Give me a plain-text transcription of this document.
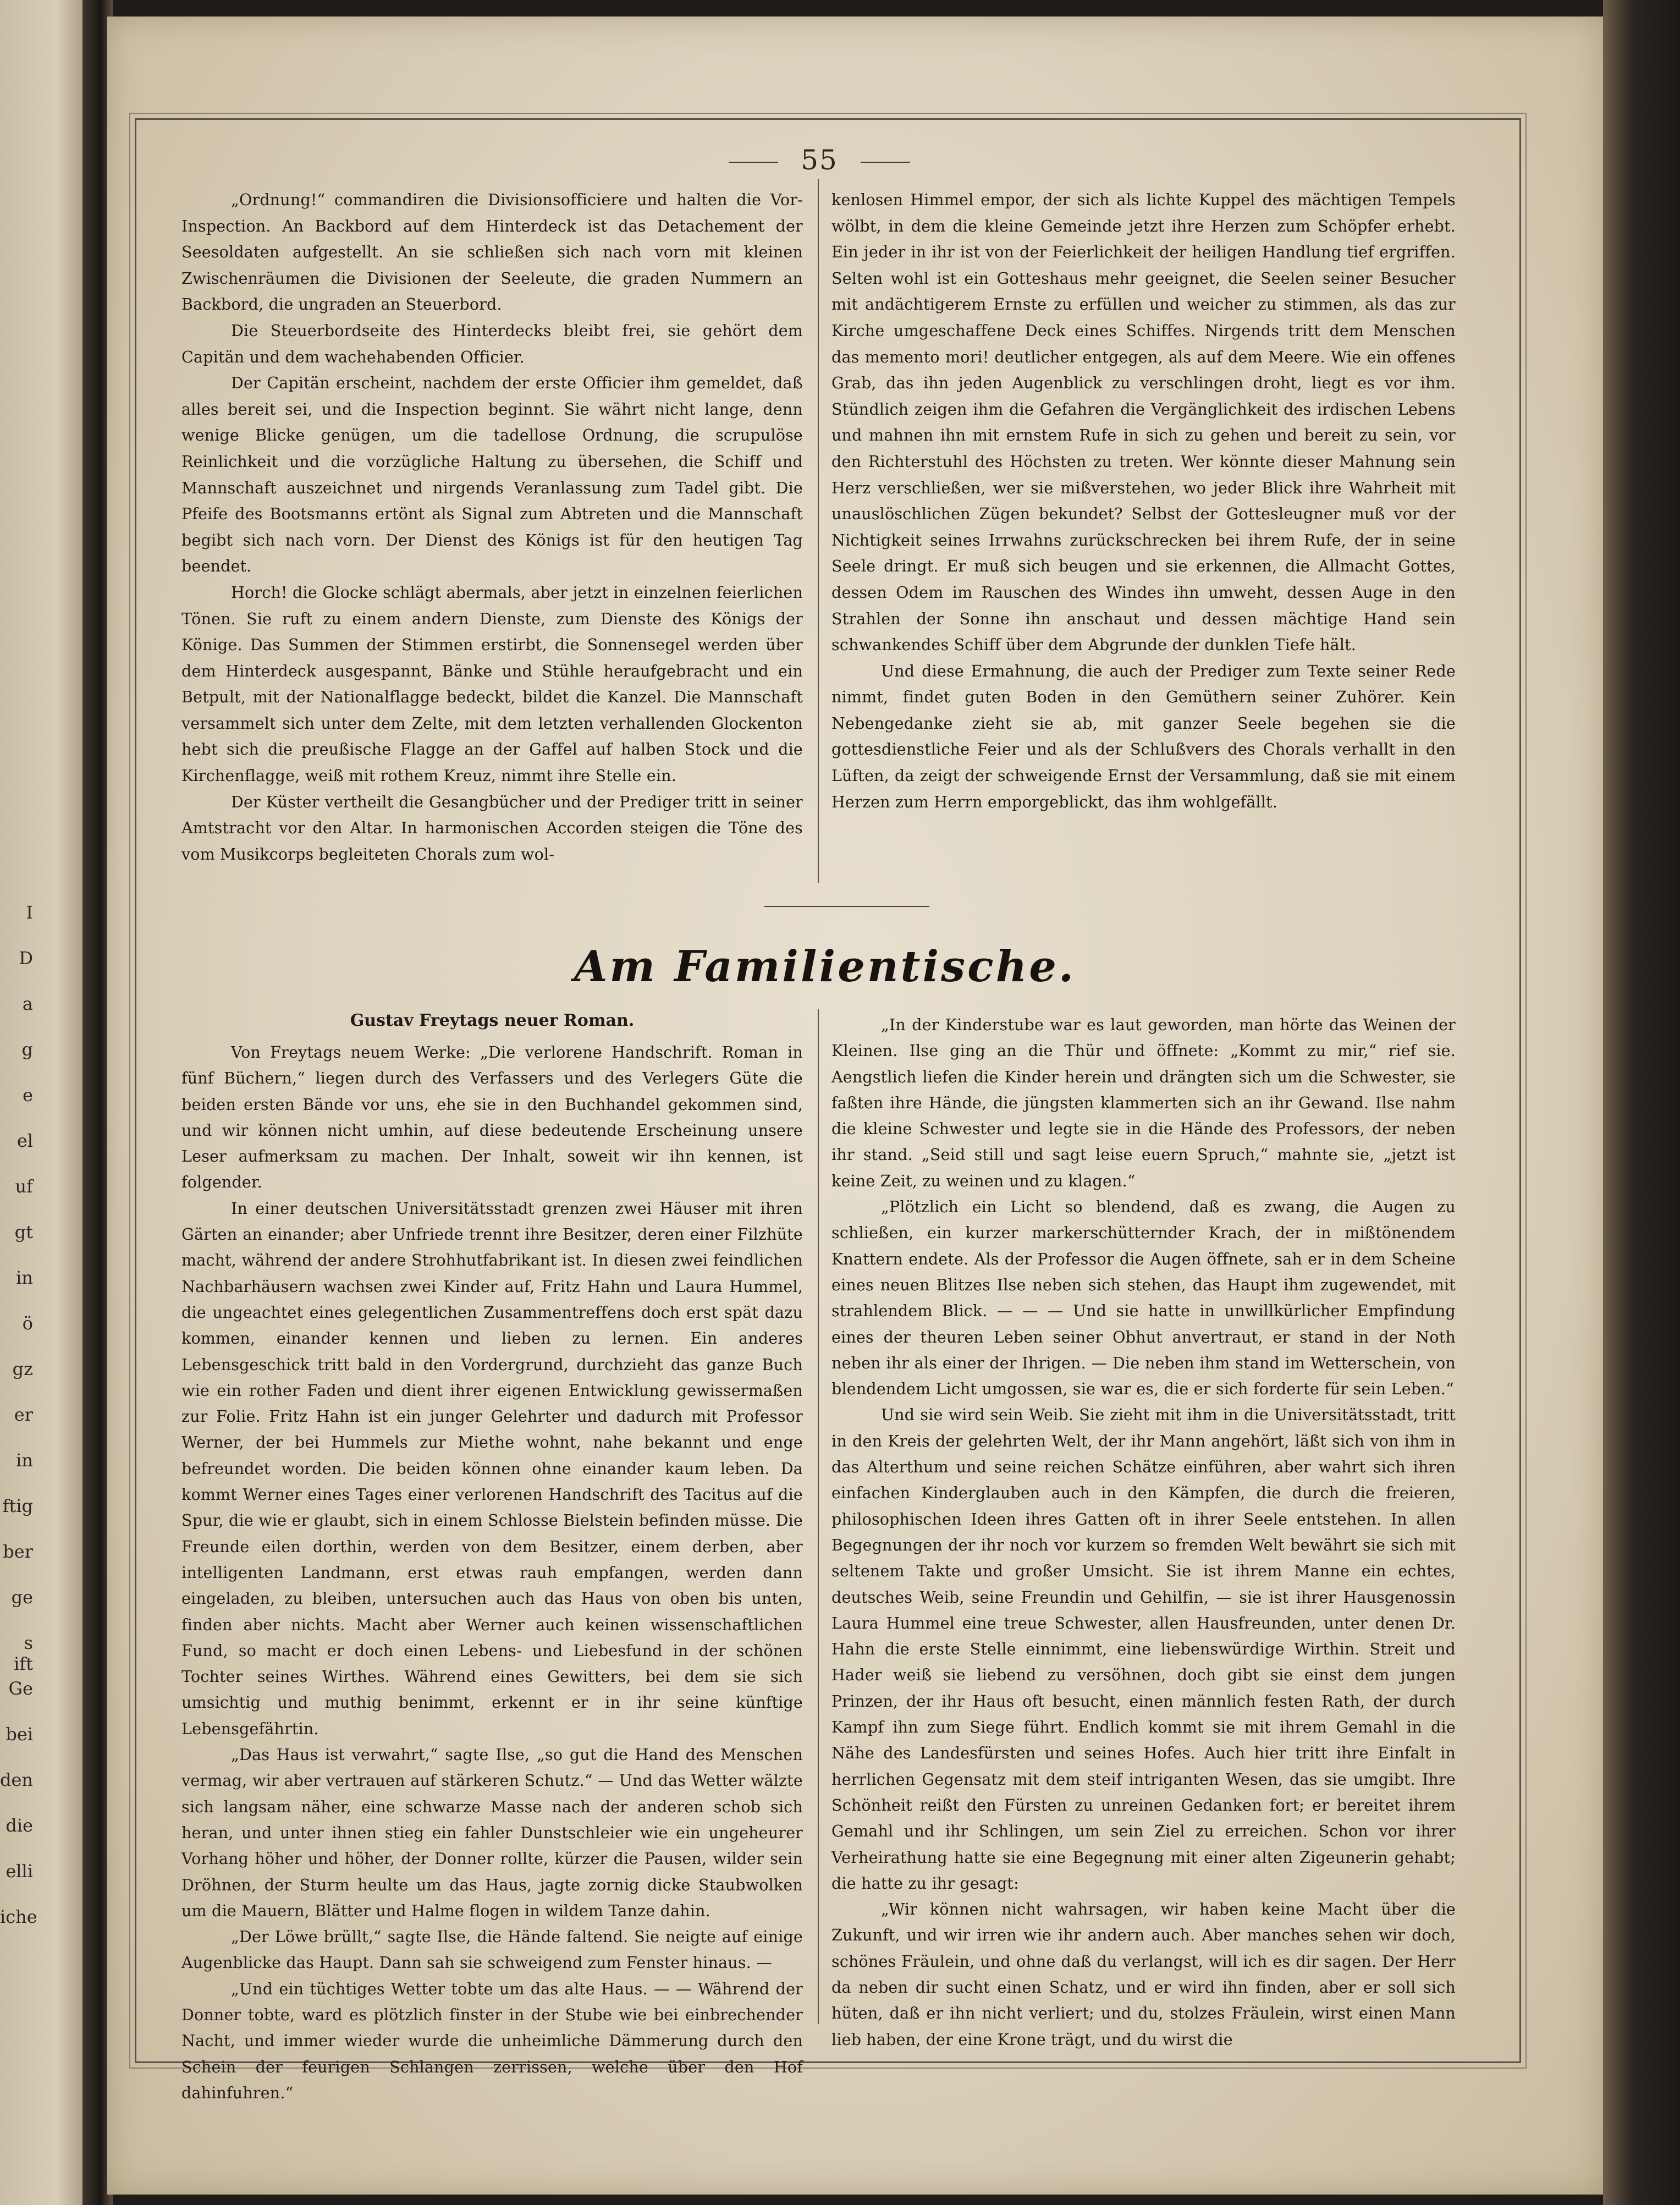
55

„Ordnung!“ commandiren die Divisionsofficiere und halten die Vor-Inspection. An Backbord auf dem Hinterdeck ist das Detachement der Seesoldaten aufgestellt. An sie schließen sich nach vorn mit kleinen Zwischenräumen die Divisionen der Seeleute, die graden Nummern an Backbord, die ungraden an Steuerbord.

Die Steuerbordseite des Hinterdecks bleibt frei, sie gehört dem Capitän und dem wachehabenden Officier.

Der Capitän erscheint, nachdem der erste Officier ihm gemeldet, daß alles bereit sei, und die Inspection beginnt. Sie währt nicht lange, denn wenige Blicke genügen, um die tadellose Ordnung, die scrupulöse Reinlichkeit und die vorzügliche Haltung zu übersehen, die Schiff und Mannschaft auszeichnet und nirgends Veranlassung zum Tadel gibt. Die Pfeife des Bootsmanns ertönt als Signal zum Abtreten und die Mannschaft begibt sich nach vorn. Der Dienst des Königs ist für den heutigen Tag beendet.

Horch! die Glocke schlägt abermals, aber jetzt in einzelnen feierlichen Tönen. Sie ruft zu einem andern Dienste, zum Dienste des Königs der Könige. Das Summen der Stimmen erstirbt, die Sonnensegel werden über dem Hinterdeck ausgespannt, Bänke und Stühle heraufgebracht und ein Betpult, mit der Nationalflagge bedeckt, bildet die Kanzel. Die Mannschaft versammelt sich unter dem Zelte, mit dem letzten verhallenden Glockenton hebt sich die preußische Flagge an der Gaffel auf halben Stock und die Kirchenflagge, weiß mit rothem Kreuz, nimmt ihre Stelle ein.

Der Küster vertheilt die Gesangbücher und der Prediger tritt in seiner Amtstracht vor den Altar. In harmonischen Accorden steigen die Töne des vom Musikcorps begleiteten Chorals zum wol-

kenlosen Himmel empor, der sich als lichte Kuppel des mächtigen Tempels wölbt, in dem die kleine Gemeinde jetzt ihre Herzen zum Schöpfer erhebt. Ein jeder in ihr ist von der Feierlichkeit der heiligen Handlung tief ergriffen. Selten wohl ist ein Gotteshaus mehr geeignet, die Seelen seiner Besucher mit andächtigerem Ernste zu erfüllen und weicher zu stimmen, als das zur Kirche umgeschaffene Deck eines Schiffes. Nirgends tritt dem Menschen das memento mori! deutlicher entgegen, als auf dem Meere. Wie ein offenes Grab, das ihn jeden Augenblick zu verschlingen droht, liegt es vor ihm. Stündlich zeigen ihm die Gefahren die Vergänglichkeit des irdischen Lebens und mahnen ihn mit ernstem Rufe in sich zu gehen und bereit zu sein, vor den Richterstuhl des Höchsten zu treten. Wer könnte dieser Mahnung sein Herz verschließen, wer sie mißverstehen, wo jeder Blick ihre Wahrheit mit unauslöschlichen Zügen bekundet? Selbst der Gottesleugner muß vor der Nichtigkeit seines Irrwahns zurückschrecken bei ihrem Rufe, der in seine Seele dringt. Er muß sich beugen und sie erkennen, die Allmacht Gottes, dessen Odem im Rauschen des Windes ihn umweht, dessen Auge in den Strahlen der Sonne ihn anschaut und dessen mächtige Hand sein schwankendes Schiff über dem Abgrunde der dunklen Tiefe hält.

Und diese Ermahnung, die auch der Prediger zum Texte seiner Rede nimmt, findet guten Boden in den Gemüthern seiner Zuhörer. Kein Nebengedanke zieht sie ab, mit ganzer Seele begehen sie die gottesdienstliche Feier und als der Schlußvers des Chorals verhallt in den Lüften, da zeigt der schweigende Ernst der Versammlung, daß sie mit einem Herzen zum Herrn emporgeblickt, das ihm wohlgefällt.

Am Familientische.
Gustav Freytags neuer Roman.

Von Freytags neuem Werke: „Die verlorene Handschrift. Roman in fünf Büchern,“ liegen durch des Verfassers und des Verlegers Güte die beiden ersten Bände vor uns, ehe sie in den Buchhandel gekommen sind, und wir können nicht umhin, auf diese bedeutende Erscheinung unsere Leser aufmerksam zu machen. Der Inhalt, soweit wir ihn kennen, ist folgender.

In einer deutschen Universitätsstadt grenzen zwei Häuser mit ihren Gärten an einander; aber Unfriede trennt ihre Besitzer, deren einer Filzhüte macht, während der andere Strohhutfabrikant ist. In diesen zwei feindlichen Nachbarhäusern wachsen zwei Kinder auf, Fritz Hahn und Laura Hummel, die ungeachtet eines gelegentlichen Zusammentreffens doch erst spät dazu kommen, einander kennen und lieben zu lernen. Ein anderes Lebensgeschick tritt bald in den Vordergrund, durchzieht das ganze Buch wie ein rother Faden und dient ihrer eigenen Entwicklung gewissermaßen zur Folie. Fritz Hahn ist ein junger Gelehrter und dadurch mit Professor Werner, der bei Hummels zur Miethe wohnt, nahe bekannt und enge befreundet worden. Die beiden können ohne einander kaum leben. Da kommt Werner eines Tages einer verlorenen Handschrift des Tacitus auf die Spur, die wie er glaubt, sich in einem Schlosse Bielstein befinden müsse. Die Freunde eilen dorthin, werden von dem Besitzer, einem derben, aber intelligenten Landmann, erst etwas rauh empfangen, werden dann eingeladen, zu bleiben, untersuchen auch das Haus von oben bis unten, finden aber nichts. Macht aber Werner auch keinen wissenschaftlichen Fund, so macht er doch einen Lebens- und Liebesfund in der schönen Tochter seines Wirthes. Während eines Gewitters, bei dem sie sich umsichtig und muthig benimmt, erkennt er in ihr seine künftige Lebensgefährtin.

„Das Haus ist verwahrt,“ sagte Ilse, „so gut die Hand des Menschen vermag, wir aber vertrauen auf stärkeren Schutz.“ — Und das Wetter wälzte sich langsam näher, eine schwarze Masse nach der anderen schob sich heran, und unter ihnen stieg ein fahler Dunstschleier wie ein ungeheurer Vorhang höher und höher, der Donner rollte, kürzer die Pausen, wilder sein Dröhnen, der Sturm heulte um das Haus, jagte zornig dicke Staubwolken um die Mauern, Blätter und Halme flogen in wildem Tanze dahin.

„Der Löwe brüllt,“ sagte Ilse, die Hände faltend. Sie neigte auf einige Augenblicke das Haupt. Dann sah sie schweigend zum Fenster hinaus. —

„Und ein tüchtiges Wetter tobte um das alte Haus. — — Während der Donner tobte, ward es plötzlich finster in der Stube wie bei einbrechender Nacht, und immer wieder wurde die unheimliche Dämmerung durch den Schein der feurigen Schlangen zerrissen, welche über den Hof dahinfuhren.“

„In der Kinderstube war es laut geworden, man hörte das Weinen der Kleinen. Ilse ging an die Thür und öffnete: „Kommt zu mir,“ rief sie. Aengstlich liefen die Kinder herein und drängten sich um die Schwester, sie faßten ihre Hände, die jüngsten klammerten sich an ihr Gewand. Ilse nahm die kleine Schwester und legte sie in die Hände des Professors, der neben ihr stand. „Seid still und sagt leise euern Spruch,“ mahnte sie, „jetzt ist keine Zeit, zu weinen und zu klagen.“

„Plötzlich ein Licht so blendend, daß es zwang, die Augen zu schließen, ein kurzer markerschütternder Krach, der in mißtönendem Knattern endete. Als der Professor die Augen öffnete, sah er in dem Scheine eines neuen Blitzes Ilse neben sich stehen, das Haupt ihm zugewendet, mit strahlendem Blick. — — — Und sie hatte in unwillkürlicher Empfindung eines der theuren Leben seiner Obhut anvertraut, er stand in der Noth neben ihr als einer der Ihrigen. — Die neben ihm stand im Wetterschein, von blendendem Licht umgossen, sie war es, die er sich forderte für sein Leben.“

Und sie wird sein Weib. Sie zieht mit ihm in die Universitätsstadt, tritt in den Kreis der gelehrten Welt, der ihr Mann angehört, läßt sich von ihm in das Alterthum und seine reichen Schätze einführen, aber wahrt sich ihren einfachen Kinderglauben auch in den Kämpfen, die durch die freieren, philosophischen Ideen ihres Gatten oft in ihrer Seele entstehen. In allen Begegnungen der ihr noch vor kurzem so fremden Welt bewährt sie sich mit seltenem Takte und großer Umsicht. Sie ist ihrem Manne ein echtes, deutsches Weib, seine Freundin und Gehilfin, — sie ist ihrer Hausgenossin Laura Hummel eine treue Schwester, allen Hausfreunden, unter denen Dr. Hahn die erste Stelle einnimmt, eine liebenswürdige Wirthin. Streit und Hader weiß sie liebend zu versöhnen, doch gibt sie einst dem jungen Prinzen, der ihr Haus oft besucht, einen männlich festen Rath, der durch Kampf ihn zum Siege führt. Endlich kommt sie mit ihrem Gemahl in die Nähe des Landesfürsten und seines Hofes. Auch hier tritt ihre Einfalt in herrlichen Gegensatz mit dem steif intriganten Wesen, das sie umgibt. Ihre Schönheit reißt den Fürsten zu unreinen Gedanken fort; er bereitet ihrem Gemahl und ihr Schlingen, um sein Ziel zu erreichen. Schon vor ihrer Verheirathung hatte sie eine Begegnung mit einer alten Zigeunerin gehabt; die hatte zu ihr gesagt:

„Wir können nicht wahrsagen, wir haben keine Macht über die Zukunft, und wir irren wie ihr andern auch. Aber manches sehen wir doch, schönes Fräulein, und ohne daß du verlangst, will ich es dir sagen. Der Herr da neben dir sucht einen Schatz, und er wird ihn finden, aber er soll sich hüten, daß er ihn nicht verliert; und du, stolzes Fräulein, wirst einen Mann lieb haben, der eine Krone trägt, und du wirst die

I
D
a
g
e
el
uf
gt
in
ö
gz
er
in
ftig
ber
ge
s ift
Ge
bei
den
die
elli
iche
